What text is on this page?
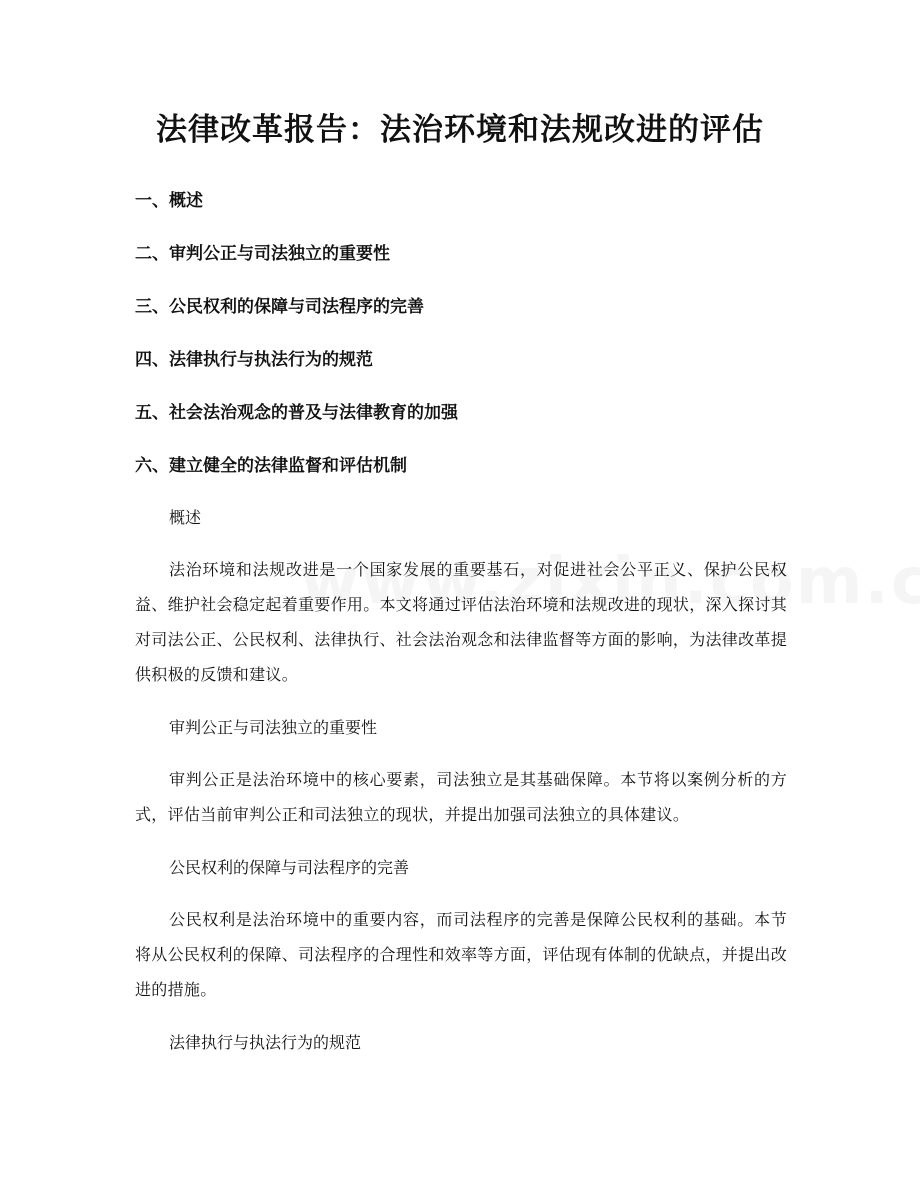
法律改革报告：法治环境和法规改进的评估
一、概述
二、审判公正与司法独立的重要性
三、公民权利的保障与司法程序的完善
四、法律执行与执法行为的规范
五、社会法治观念的普及与法律教育的加强
六、建立健全的法律监督和评估机制

概述

法治环境和法规改进是一个国家发展的重要基石，对促进社会公平正义、保护公民权益、维护社会稳定起着重要作用。本文将通过评估法治环境和法规改进的现状，深入探讨其对司法公正、公民权利、法律执行、社会法治观念和法律监督等方面的影响，为法律改革提供积极的反馈和建议。

审判公正与司法独立的重要性

审判公正是法治环境中的核心要素，司法独立是其基础保障。本节将以案例分析的方式，评估当前审判公正和司法独立的现状，并提出加强司法独立的具体建议。

公民权利的保障与司法程序的完善

公民权利是法治环境中的重要内容，而司法程序的完善是保障公民权利的基础。本节将从公民权利的保障、司法程序的合理性和效率等方面，评估现有体制的优缺点，并提出改进的措施。

法律执行与执法行为的规范
